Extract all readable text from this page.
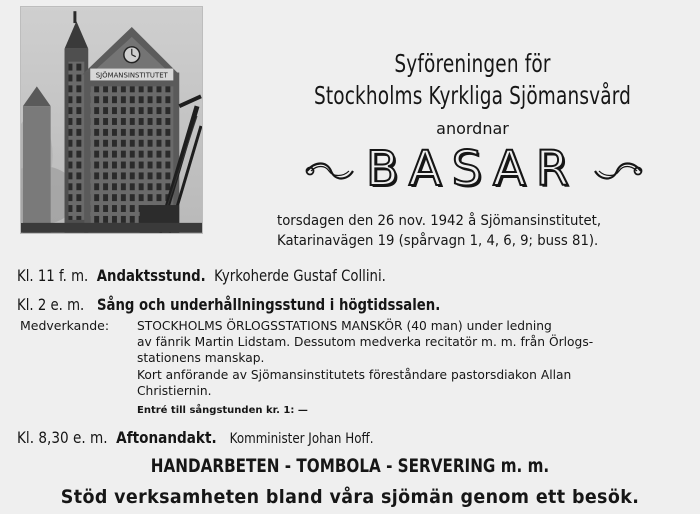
SJÖMANSINSTITUTET	Syföreningen för
Stockholms Kyrkliga Sjömansvård
anordnar
BASAR
torsdagen den 26 nov. 1942 å Sjömansinstitutet,
Katarinavägen 19 (spårvagn 1, 4, 6, 9; buss 81).
Kl. 11 f. m. Andaktsstund. Kyrkoherde Gustaf Collini.
Kl. 2 e. m. Sång och underhållningsstund i högtidssalen.
Medverkande: STOCKHOLMS ÖRLOGSSTATIONS MANSKÖR (40 man) under ledning
av fänrik Martin Lidstam. Dessutom medverka recitatör m. m. från Örlogs-
stationens manskap.
Kort anförande av Sjömansinstitutets föreståndare pastorsdiakon Allan
Christiernin.
Entré till sångstunden kr. 1: —
Kl. 8,30 e. m. Aftonandakt. Komminister Johan Hoff.
HANDARBETEN - TOMBOLA - SERVERING m. m.
Stöd verksamheten bland våra sjömän genom ett besök.
